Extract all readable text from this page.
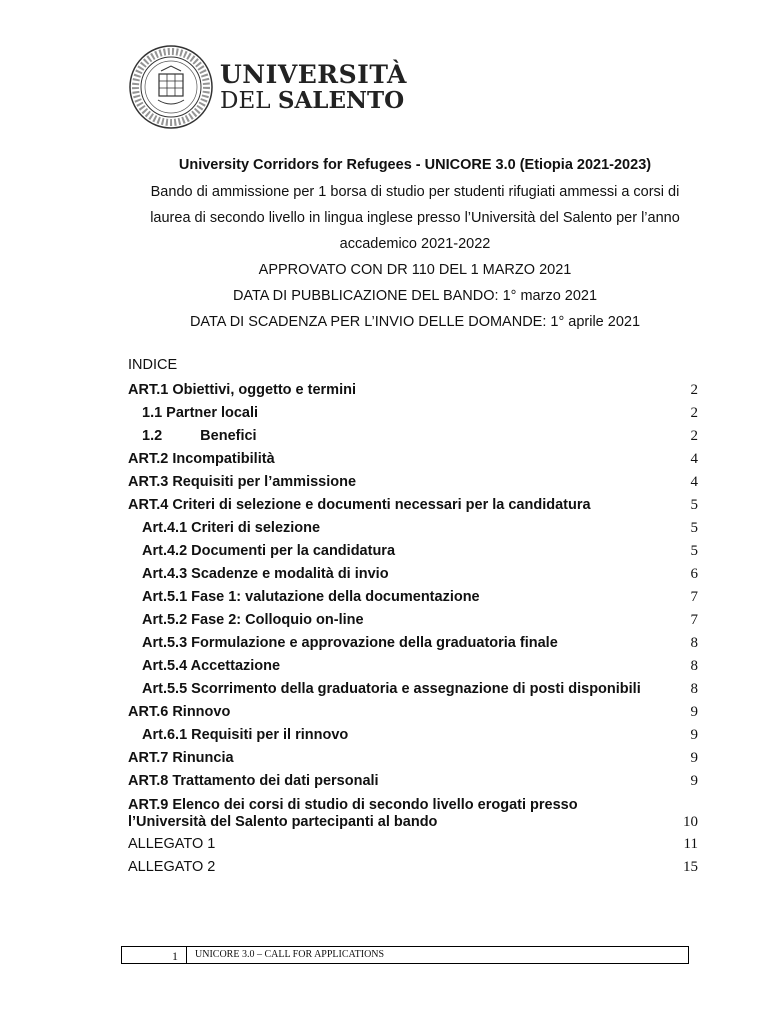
UNIVERSITÀ
DEL SALENTO
University Corridors for Refugees - UNICORE 3.0 (Etiopia 2021-2023)
Bando di ammissione per 1 borsa di studio per studenti rifugiati ammessi a corsi di
laurea di secondo livello in lingua inglese presso l’Università del Salento per l’anno
accademico 2021-2022
APPROVATO CON DR 110 DEL 1 MARZO 2021
DATA DI PUBBLICAZIONE DEL BANDO: 1° marzo 2021
DATA DI SCADENZA PER L’INVIO DELLE DOMANDE: 1° aprile 2021
INDICE
ART.1 Obiettivi, oggetto e termini	2
1.1 Partner locali	2
1.2	Benefici	2
ART.2 Incompatibilità	4
ART.3 Requisiti per l’ammissione	4
ART.4 Criteri di selezione e documenti necessari per la candidatura	5
Art.4.1 Criteri di selezione	5
Art.4.2 Documenti per la candidatura	5
Art.4.3 Scadenze e modalità di invio	6
Art.5.1 Fase 1: valutazione della documentazione	7
Art.5.2 Fase 2: Colloquio on-line	7
Art.5.3 Formulazione e approvazione della graduatoria finale	8
Art.5.4 Accettazione	8
Art.5.5 Scorrimento della graduatoria e assegnazione di posti disponibili	8
ART.6 Rinnovo	9
Art.6.1 Requisiti per il rinnovo	9
ART.7 Rinuncia	9
ART.8 Trattamento dei dati personali	9
ART.9 Elenco dei corsi di studio di secondo livello erogati presso l’Università del Salento partecipanti al bando	10
ALLEGATO 1	11
ALLEGATO 2	15
1	UNICORE 3.0 – CALL FOR APPLICATIONS
